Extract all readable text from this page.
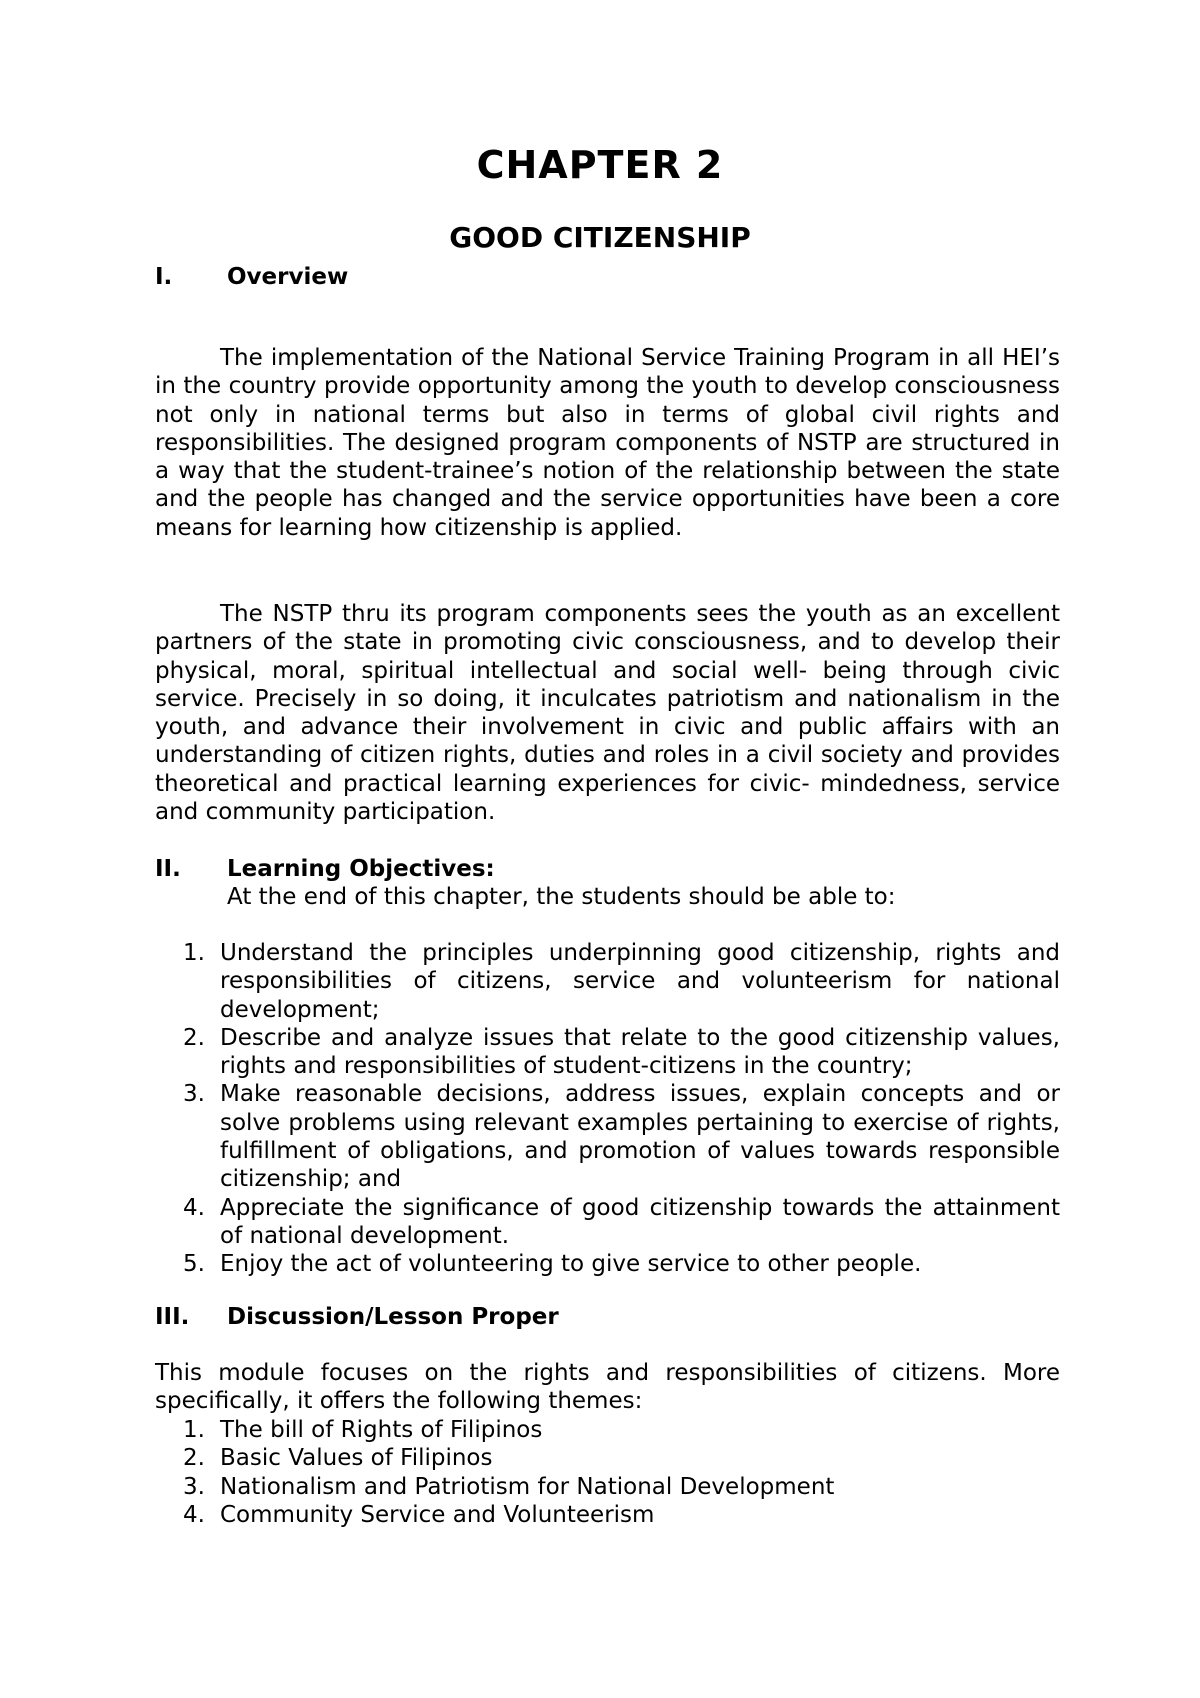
CHAPTER 2
GOOD CITIZENSHIP
I. Overview

The implementation of the National Service Training Program in all HEI’s in the country provide opportunity among the youth to develop consciousness not only in national terms but also in terms of global civil rights and responsibilities. The designed program components of NSTP are structured in a way that the student-trainee’s notion of the relationship between the state and the people has changed and the service opportunities have been a core means for learning how citizenship is applied.

The NSTP thru its program components sees the youth as an excellent partners of the state in promoting civic consciousness, and to develop their physical, moral, spiritual intellectual and social well- being through civic service. Precisely in so doing, it inculcates patriotism and nationalism in the youth, and advance their involvement in civic and public affairs with an understanding of citizen rights, duties and roles in a civil society and provides theoretical and practical learning experiences for civic- mindedness, service and community participation.

II. Learning Objectives:

At the end of this chapter, the students should be able to:

1. Understand the principles underpinning good citizenship, rights and responsibilities of citizens, service and volunteerism for national development;
2. Describe and analyze issues that relate to the good citizenship values, rights and responsibilities of student-citizens in the country;
3. Make reasonable decisions, address issues, explain concepts and or solve problems using relevant examples pertaining to exercise of rights, fulfillment of obligations, and promotion of values towards responsible citizenship; and
4. Appreciate the significance of good citizenship towards the attainment of national development.
5. Enjoy the act of volunteering to give service to other people.
III. Discussion/Lesson Proper

This module focuses on the rights and responsibilities of citizens. More specifically, it offers the following themes:

1. The bill of Rights of Filipinos
2. Basic Values of Filipinos
3. Nationalism and Patriotism for National Development
4. Community Service and Volunteerism
